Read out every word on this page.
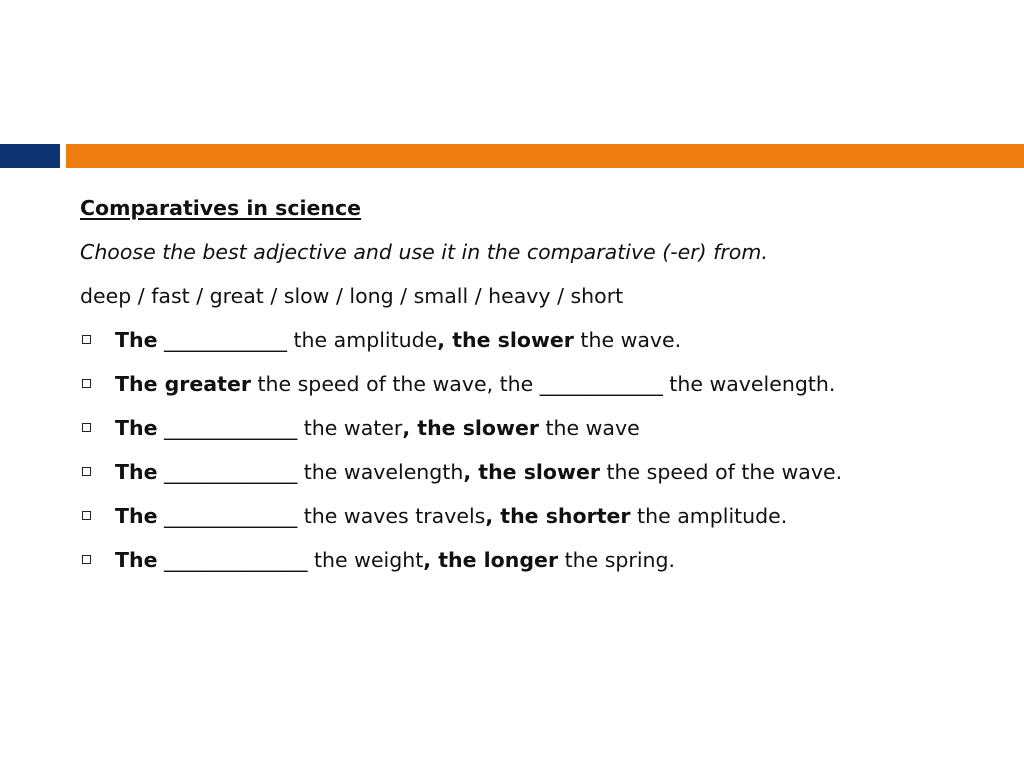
Comparatives in science
Choose the best adjective and use it in the comparative (-er) from.
deep / fast / great / slow / long / small / heavy / short
The ____________ the amplitude, the slower the wave.
The greater the speed of the wave, the ____________ the wavelength.
The _____________ the water, the slower the wave
The _____________ the wavelength, the slower the speed of the wave.
The _____________ the waves travels, the shorter the amplitude.
The ______________ the weight, the longer the spring.
